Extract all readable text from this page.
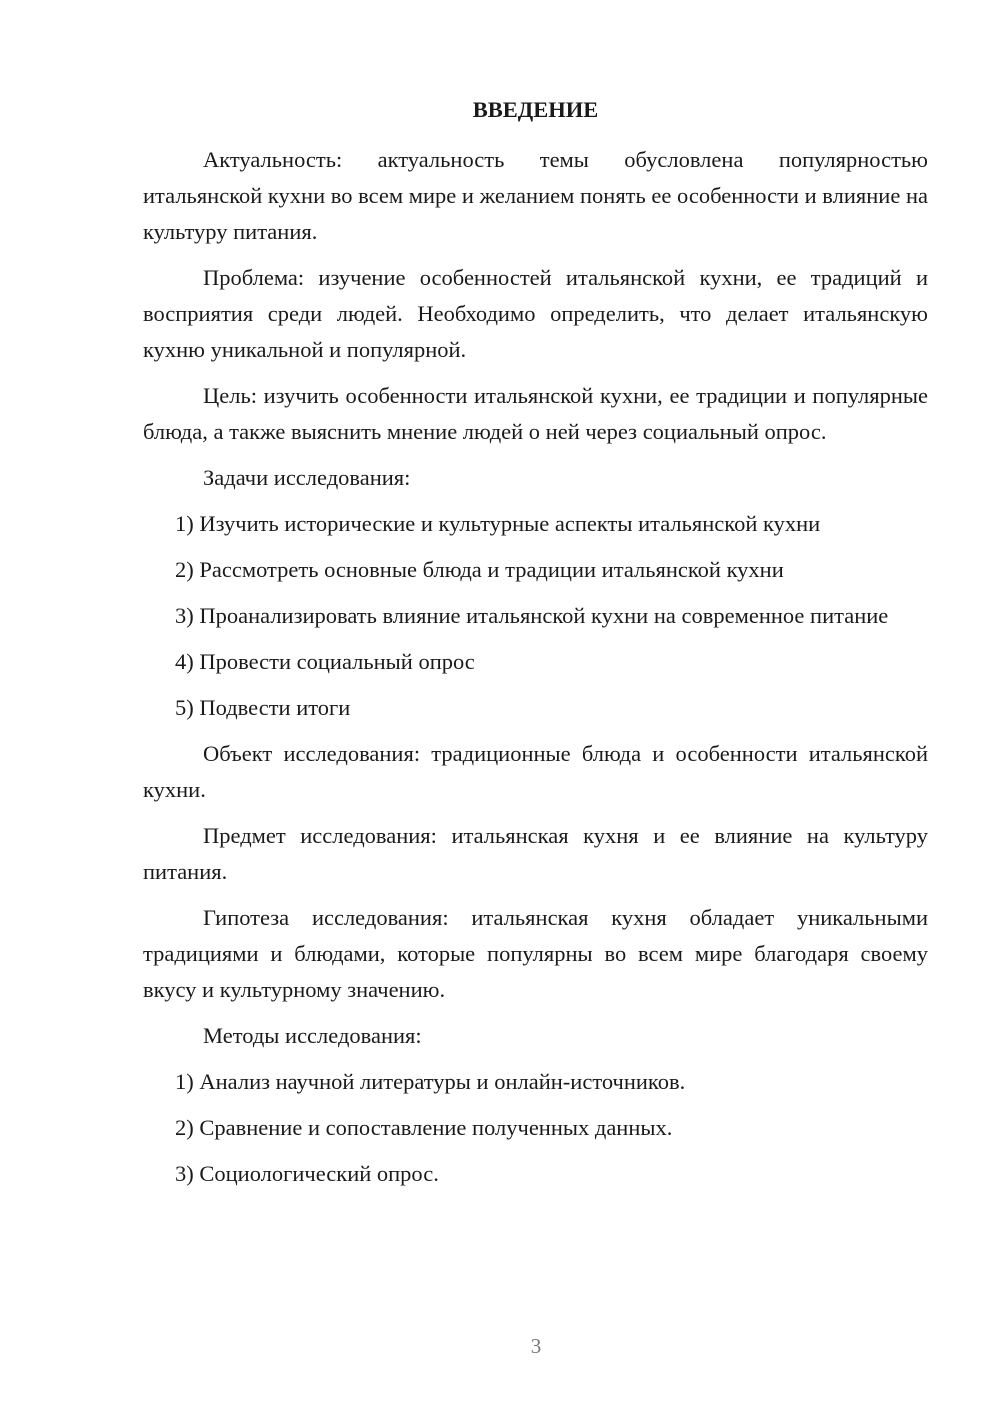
ВВЕДЕНИЕ

Актуальность: актуальность темы обусловлена популярностью итальянской кухни во всем мире и желанием понять ее особенности и влияние на культуру питания.

Проблема: изучение особенностей итальянской кухни, ее традиций и восприятия среди людей. Необходимо определить, что делает итальянскую кухню уникальной и популярной.

Цель: изучить особенности итальянской кухни, ее традиции и популярные блюда, а также выяснить мнение людей о ней через социальный опрос.

Задачи исследования:

1) Изучить исторические и культурные аспекты итальянской кухни

2) Рассмотреть основные блюда и традиции итальянской кухни

3) Проанализировать влияние итальянской кухни на современное питание

4) Провести социальный опрос

5) Подвести итоги

Объект исследования: традиционные блюда и особенности итальянской кухни.

Предмет исследования: итальянская кухня и ее влияние на культуру питания.

Гипотеза исследования: итальянская кухня обладает уникальными традициями и блюдами, которые популярны во всем мире благодаря своему вкусу и культурному значению.

Методы исследования:

1) Анализ научной литературы и онлайн-источников.

2) Сравнение и сопоставление полученных данных.

3) Социологический опрос.

3
